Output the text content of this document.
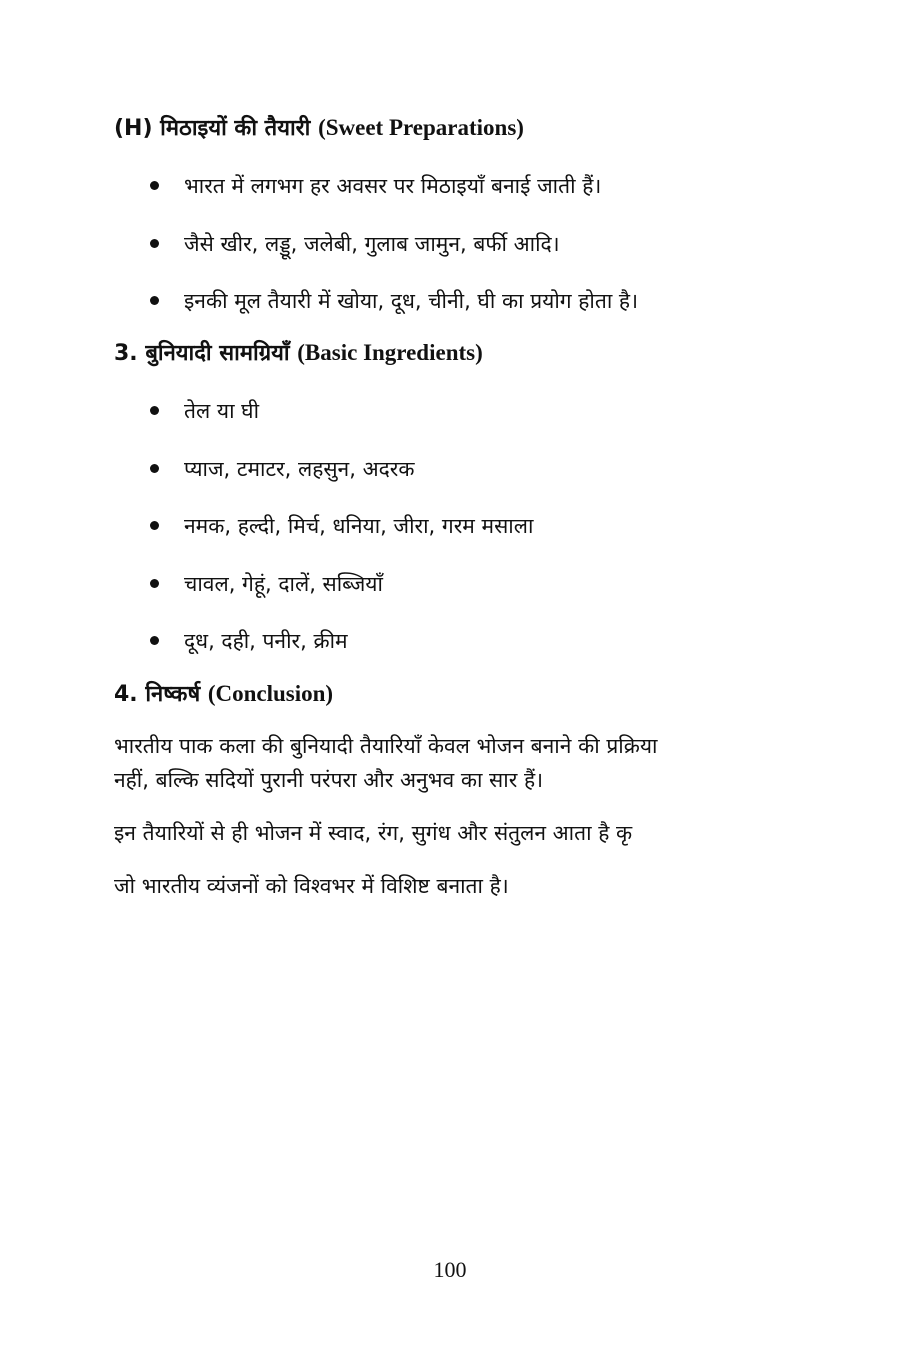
(H) मिठाइयों की तैयारी (Sweet Preparations)
भारत में लगभग हर अवसर पर मिठाइयाँ बनाई जाती हैं।
जैसे खीर, लड्डू, जलेबी, गुलाब जामुन, बर्फी आदि।
इनकी मूल तैयारी में खोया, दूध, चीनी, घी का प्रयोग होता है।
3. बुनियादी सामग्रियाँ (Basic Ingredients)
तेल या घी
प्याज, टमाटर, लहसुन, अदरक
नमक, हल्दी, मिर्च, धनिया, जीरा, गरम मसाला
चावल, गेहूं, दालें, सब्जियाँ
दूध, दही, पनीर, क्रीम
4. निष्कर्ष (Conclusion)
भारतीय पाक कला की बुनियादी तैयारियाँ केवल भोजन बनाने की प्रक्रिया
नहीं, बल्कि सदियों पुरानी परंपरा और अनुभव का सार हैं।
इन तैयारियों से ही भोजन में स्वाद, रंग, सुगंध और संतुलन आता है कृ
जो भारतीय व्यंजनों को विश्वभर में विशिष्ट बनाता है।
100
